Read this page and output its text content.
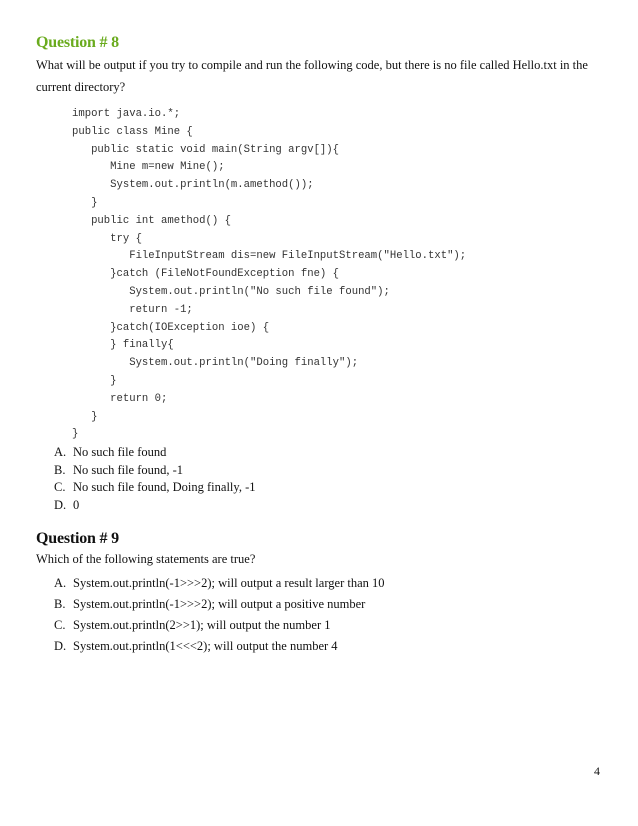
Question # 8
What will be output if you try to compile and run the following code, but there is no file called Hello.txt in the current directory?
import java.io.*;
public class Mine {
public static void main(String argv[]){
Mine m=new Mine();
System.out.println(m.amethod());
}
public int amethod() {
try {
FileInputStream dis=new FileInputStream("Hello.txt");
}catch (FileNotFoundException fne) {
System.out.println("No such file found");
return -1;
}catch(IOException ioe) {
} finally{
System.out.println("Doing finally");
}
return 0;
}
}
A. No such file found
B. No such file found, -1
C. No such file found, Doing finally, -1
D. 0
Question # 9
Which of the following statements are true?
A. System.out.println(-1>>>2); will output a result larger than 10
B. System.out.println(-1>>>2); will output a positive number
C. System.out.println(2>>1); will output the number 1
D. System.out.println(1<<<2); will output the number 4
4
